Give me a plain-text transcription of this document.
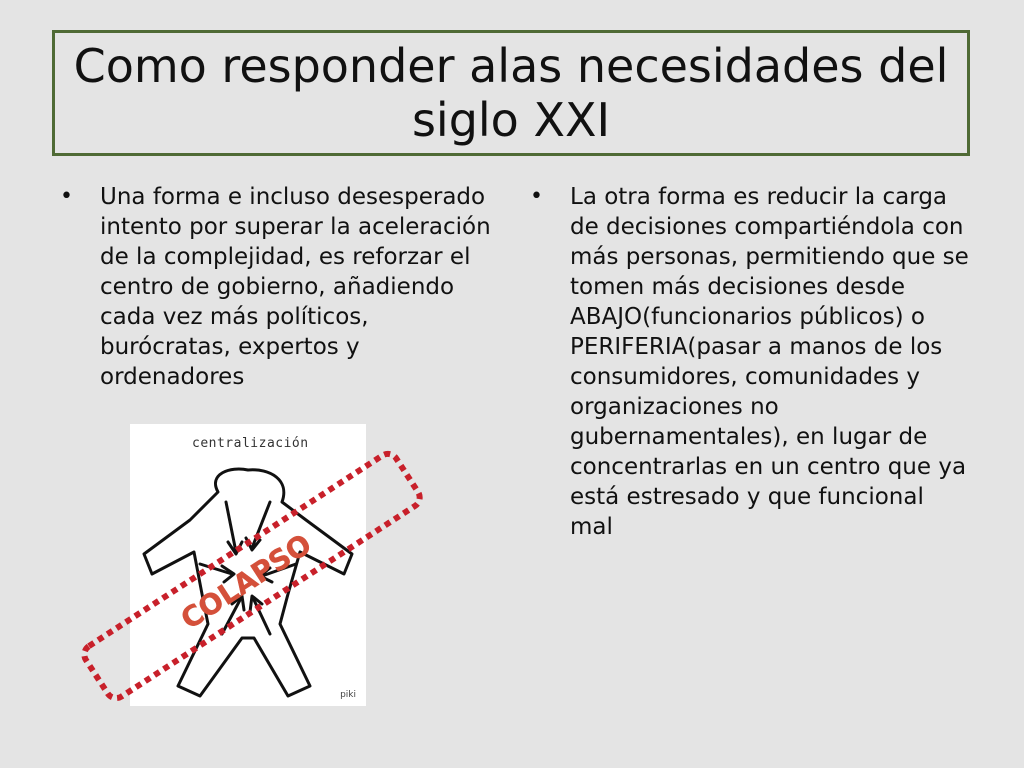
Como responder alas necesidades del siglo XXI
•	Una forma e incluso desesperado intento por superar la aceleración de la complejidad, es reforzar el centro de gobierno, añadiendo cada vez más políticos, burócratas, expertos y ordenadores
•	La otra forma es reducir la carga de decisiones compartiéndola con más personas, permitiendo que se tomen más decisiones desde ABAJO(funcionarios públicos) o PERIFERIA(pasar a manos de los consumidores, comunidades y organizaciones no gubernamentales), en lugar de concentrarlas en un centro que ya está estresado y que funcional mal
centralización
piki
COLAPSO
